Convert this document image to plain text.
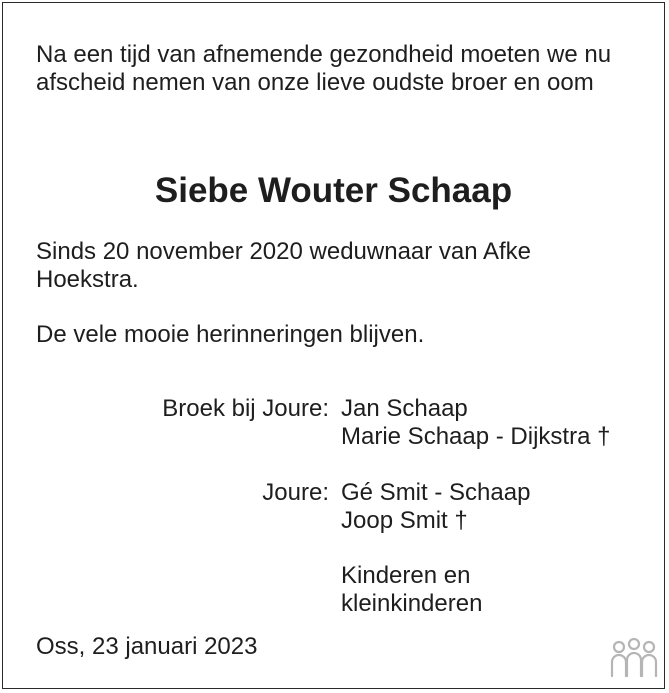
Na een tijd van afnemende gezondheid moeten we nu afscheid nemen van onze lieve oudste broer en oom
Siebe Wouter Schaap
Sinds 20 november 2020 weduwnaar van Afke Hoekstra.
De vele mooie herinneringen blijven.
Broek bij Joure: Jan Schaap
Marie Schaap - Dijkstra †
Joure: Gé Smit - Schaap
Joop Smit †
Kinderen en
kleinkinderen
Oss, 23 januari 2023
